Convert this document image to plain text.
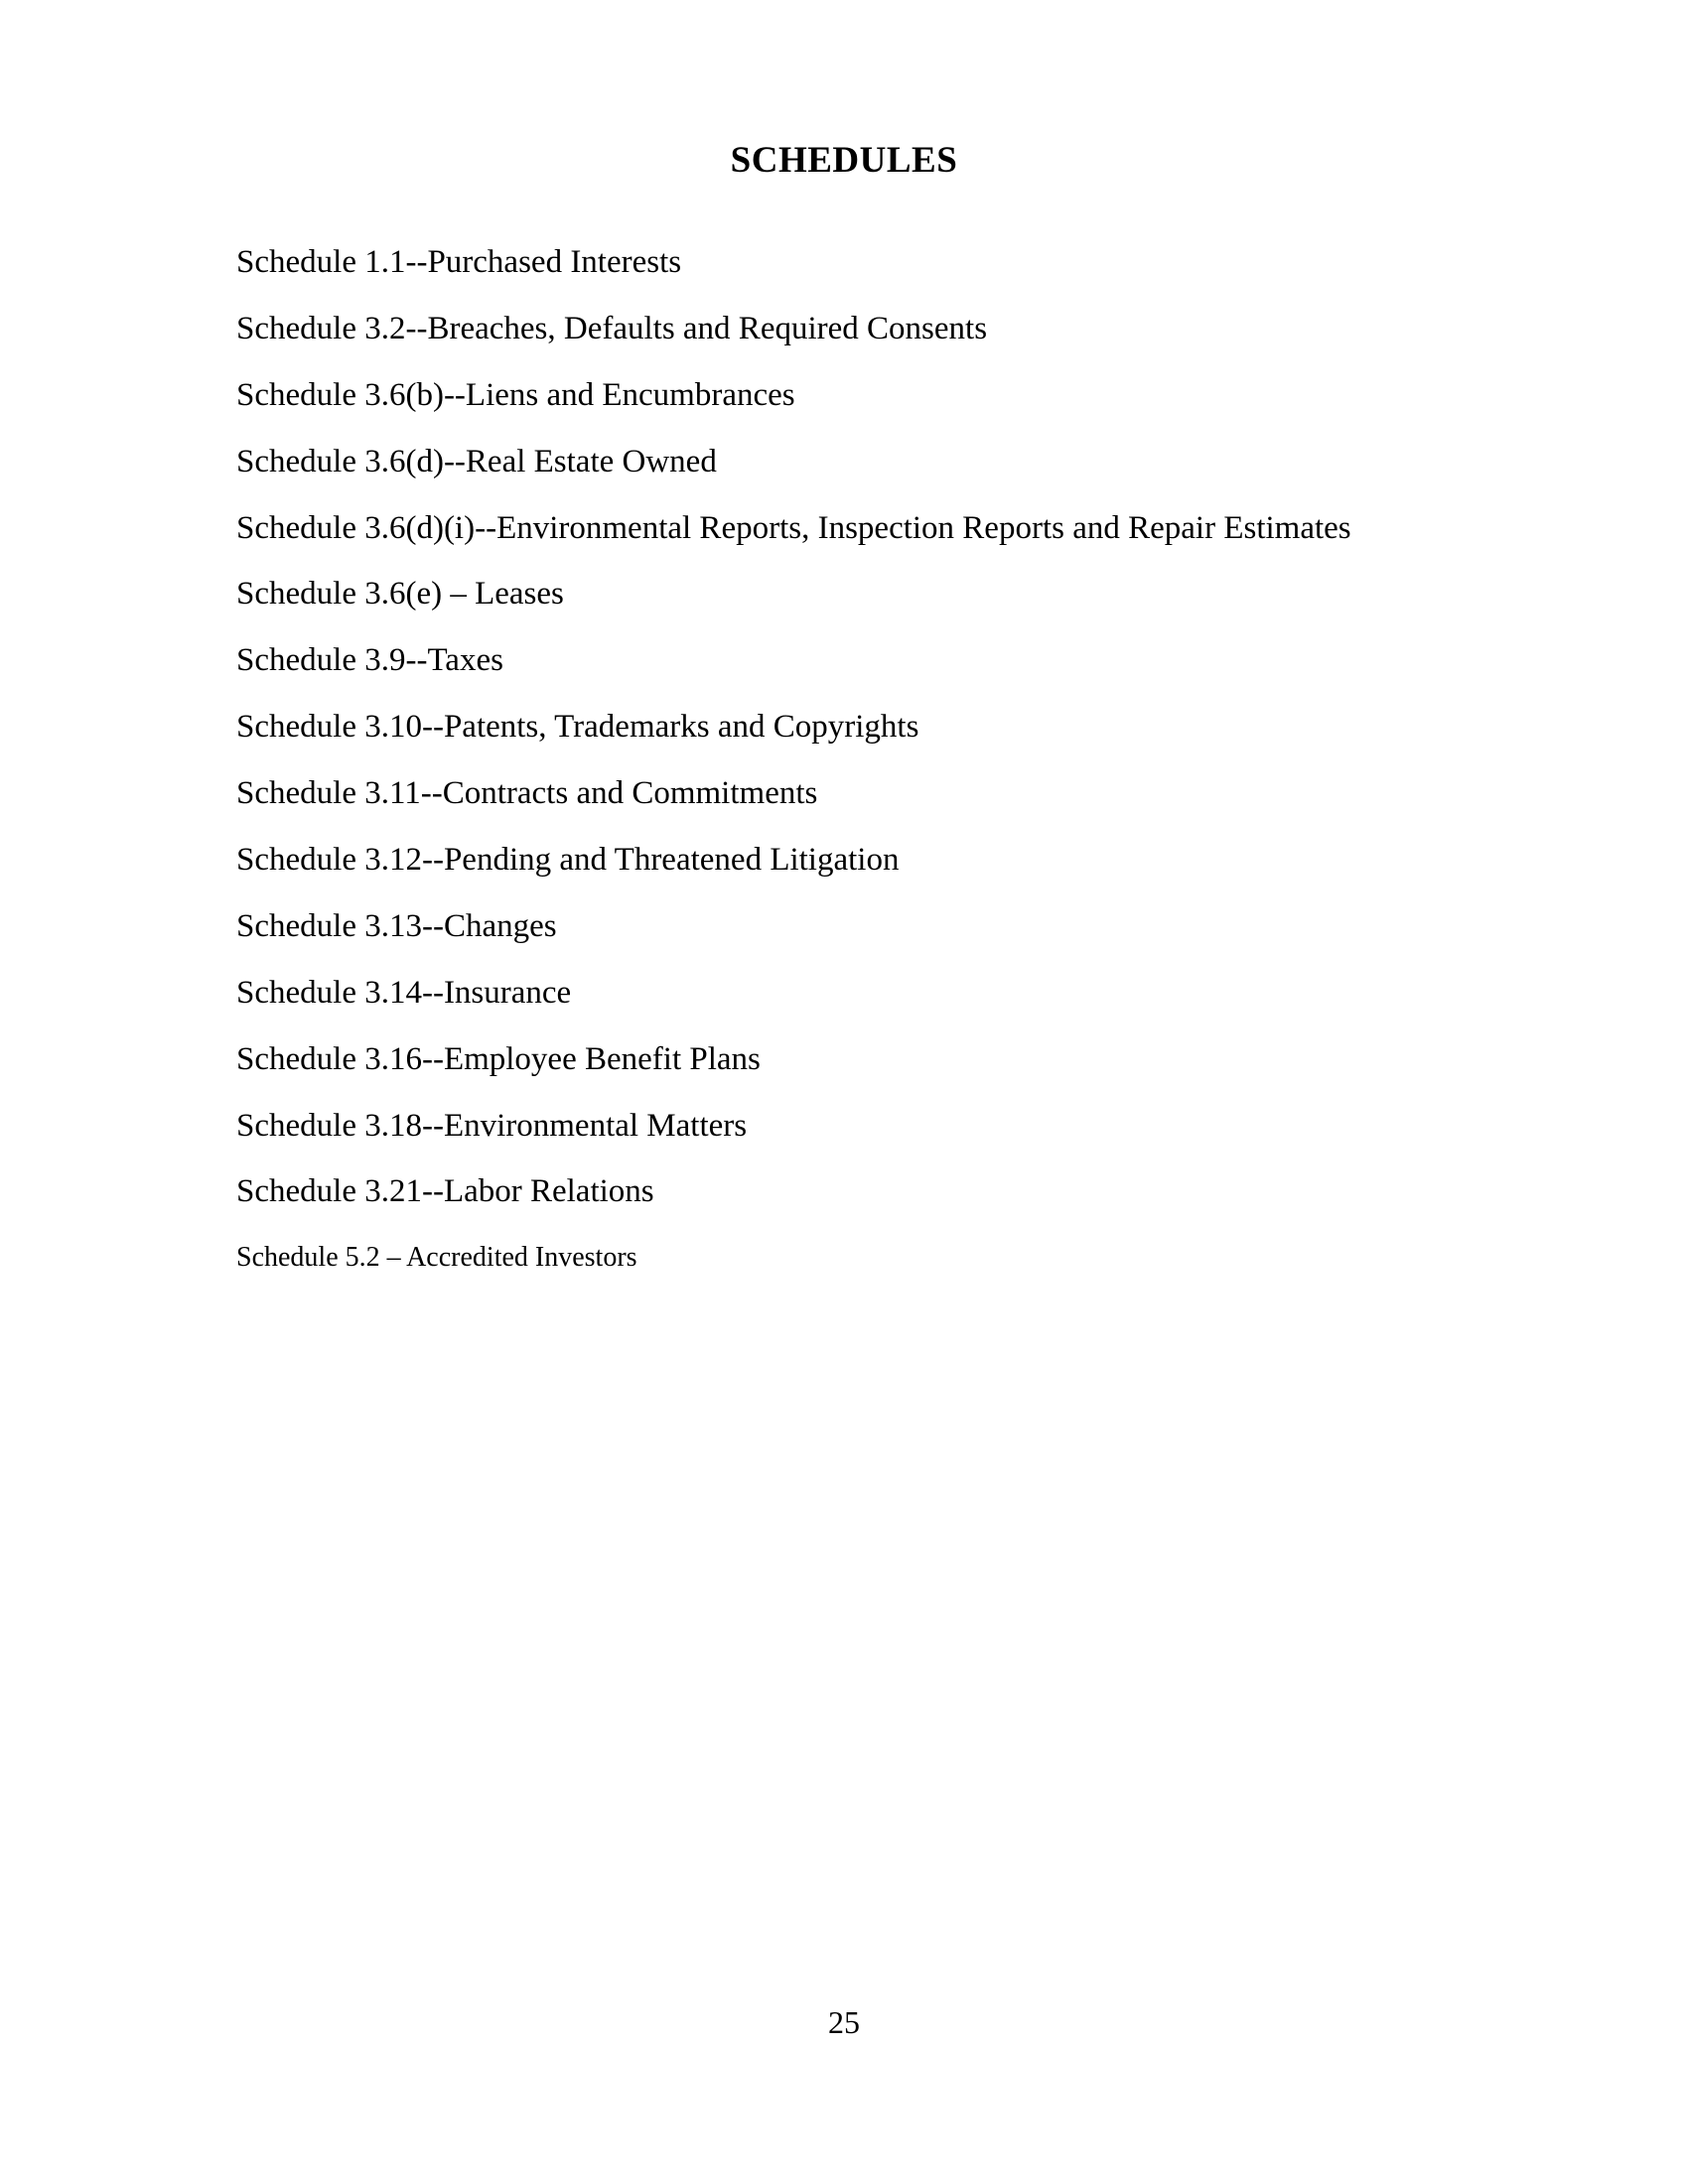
SCHEDULES
Schedule 1.1--Purchased Interests
Schedule 3.2--Breaches, Defaults and Required Consents
Schedule 3.6(b)--Liens and Encumbrances
Schedule 3.6(d)--Real Estate Owned
Schedule 3.6(d)(i)--Environmental Reports, Inspection Reports and Repair Estimates
Schedule 3.6(e) – Leases
Schedule 3.9--Taxes
Schedule 3.10--Patents, Trademarks and Copyrights
Schedule 3.11--Contracts and Commitments
Schedule 3.12--Pending and Threatened Litigation
Schedule 3.13--Changes
Schedule 3.14--Insurance
Schedule 3.16--Employee Benefit Plans
Schedule 3.18--Environmental Matters
Schedule 3.21--Labor Relations
Schedule 5.2 – Accredited Investors
25
